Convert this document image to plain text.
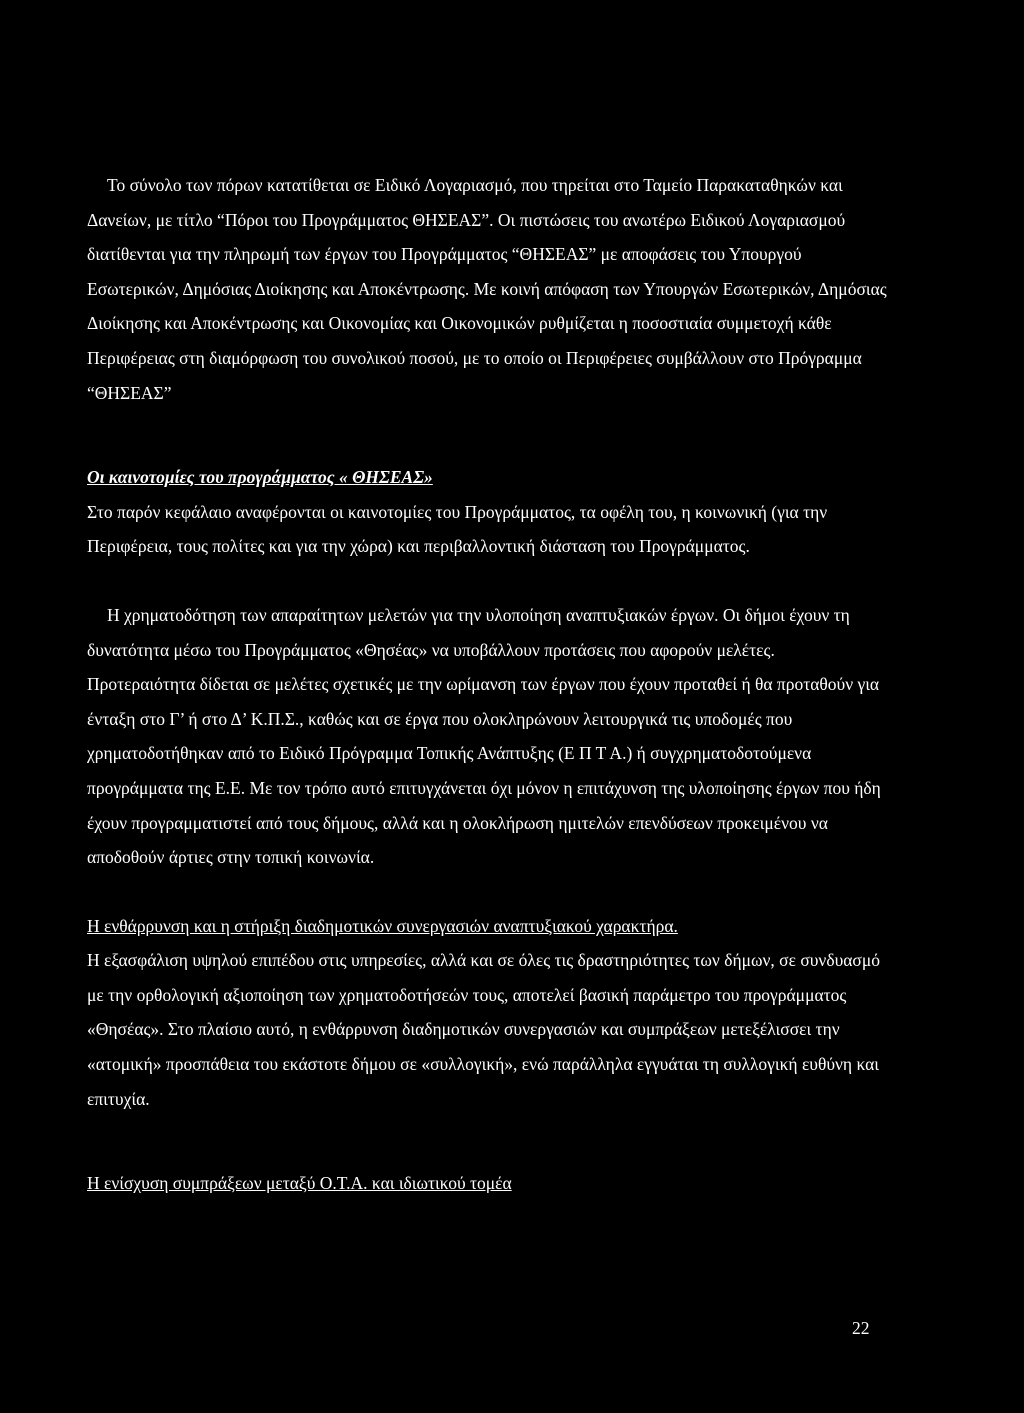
Το σύνολο των πόρων κατατίθεται σε Ειδικό Λογαριασμό, που τηρείται στο Ταμείο Παρακαταθηκών και Δανείων, με τίτλο “Πόροι του Προγράμματος ΘΗΣΕΑΣ”. Οι πιστώσεις του ανωτέρω Ειδικού Λογαριασμού διατίθενται για την πληρωμή των έργων του Προγράμματος “ΘΗΣΕΑΣ” με αποφάσεις του Υπουργού Εσωτερικών, Δημόσιας Διοίκησης και Αποκέντρωσης. Με κοινή απόφαση των Υπουργών Εσωτερικών, Δημόσιας Διοίκησης και Αποκέντρωσης και Οικονομίας και Οικονομικών ρυθμίζεται η ποσοστιαία συμμετοχή κάθε Περιφέρειας στη διαμόρφωση του συνολικού ποσού, με το οποίο οι Περιφέρειες συμβάλλουν στο Πρόγραμμα “ΘΗΣΕΑΣ”

Οι καινοτομίες του προγράμματος « ΘΗΣΕΑΣ»

Στο παρόν κεφάλαιο αναφέρονται οι καινοτομίες του Προγράμματος, τα οφέλη του, η κοινωνική (για την Περιφέρεια, τους πολίτες και για την χώρα) και περιβαλλοντική διάσταση του Προγράμματος.

Η χρηματοδότηση των απαραίτητων μελετών για την υλοποίηση αναπτυξιακών έργων. Οι δήμοι έχουν τη δυνατότητα μέσω του Προγράμματος «Θησέας» να υποβάλλουν προτάσεις που αφορούν μελέτες. Προτεραιότητα δίδεται σε μελέτες σχετικές με την ωρίμανση των έργων που έχουν προταθεί ή θα προταθούν για ένταξη στο Γ’ ή στο Δ’ Κ.Π.Σ., καθώς και σε έργα που ολοκληρώνουν λειτουργικά τις υποδομές που χρηματοδοτήθηκαν από το Ειδικό Πρόγραμμα Τοπικής Ανάπτυξης (Ε Π Τ Α.) ή συγχρηματοδοτούμενα προγράμματα της Ε.Ε. Με τον τρόπο αυτό επιτυγχάνεται όχι μόνον η επιτάχυνση της υλοποίησης έργων που ήδη έχουν προγραμματιστεί από τους δήμους, αλλά και η ολοκλήρωση ημιτελών επενδύσεων προκειμένου να αποδοθούν άρτιες στην τοπική κοινωνία.

Η ενθάρρυνση και η στήριξη διαδημοτικών συνεργασιών αναπτυξιακού χαρακτήρα.

Η εξασφάλιση υψηλού επιπέδου στις υπηρεσίες, αλλά και σε όλες τις δραστηριότητες των δήμων, σε συνδυασμό με την ορθολογική αξιοποίηση των χρηματοδοτήσεών τους, αποτελεί βασική παράμετρο του προγράμματος «Θησέας». Στο πλαίσιο αυτό, η ενθάρρυνση διαδημοτικών συνεργασιών και συμπράξεων μετεξέλισσει την «ατομική» προσπάθεια του εκάστοτε δήμου σε «συλλογική», ενώ παράλληλα εγγυάται τη συλλογική ευθύνη και επιτυχία.

Η ενίσχυση συμπράξεων μεταξύ Ο.Τ.Α. και ιδιωτικού τομέα

22
